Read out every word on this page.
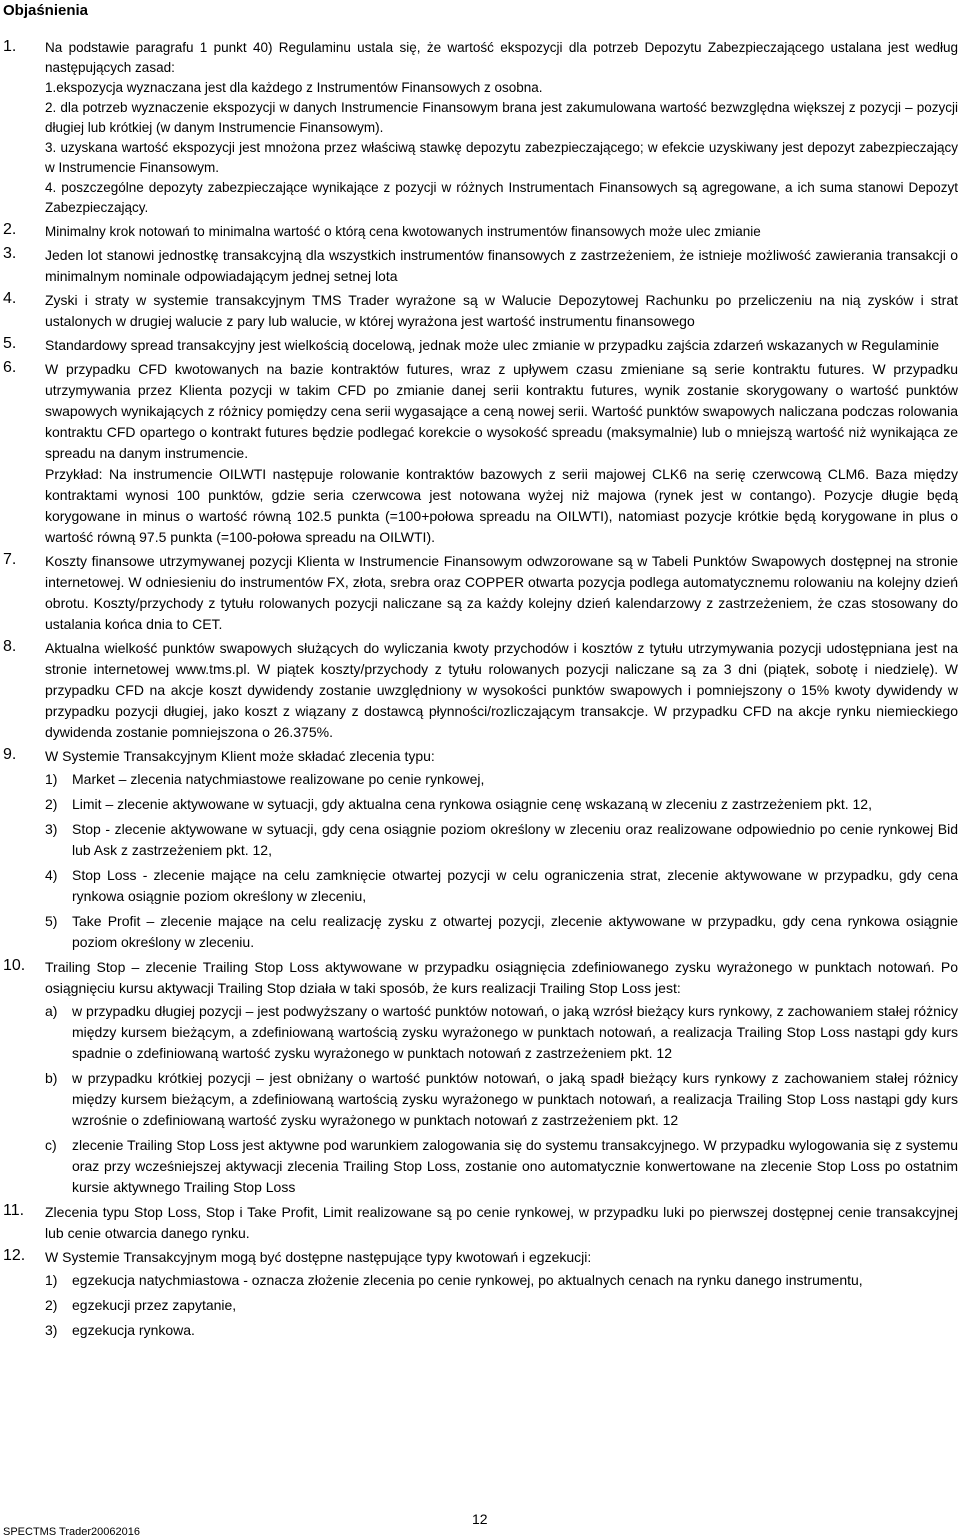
Objaśnienia
1. Na podstawie paragrafu 1 punkt 40) Regulaminu ustala się, że wartość ekspozycji dla potrzeb Depozytu Zabezpieczającego ustalana jest według następujących zasad:

1.ekspozycja wyznaczana jest dla każdego z Instrumentów Finansowych z osobna.

2. dla potrzeb wyznaczenie ekspozycji w danych Instrumencie Finansowym brana jest zakumulowana wartość bezwzględna większej z pozycji – pozycji długiej lub krótkiej (w danym Instrumencie Finansowym).

3. uzyskana wartość ekspozycji jest mnożona przez właściwą stawkę depozytu zabezpieczającego; w efekcie uzyskiwany jest depozyt zabezpieczający w Instrumencie Finansowym.

4. poszczególne depozyty zabezpieczające wynikające z pozycji w różnych Instrumentach Finansowych są agregowane, a ich suma stanowi Depozyt Zabezpieczający.

2. Minimalny krok notowań to minimalna wartość o którą cena kwotowanych instrumentów finansowych może ulec zmianie

3. Jeden lot stanowi jednostkę transakcyjną dla wszystkich instrumentów finansowych z zastrzeżeniem, że istnieje możliwość zawierania transakcji o minimalnym nominale odpowiadającym jednej setnej lota

4. Zyski i straty w systemie transakcyjnym TMS Trader wyrażone są w Walucie Depozytowej Rachunku po przeliczeniu na nią zysków i strat ustalonych w drugiej walucie z pary lub walucie, w której wyrażona jest wartość instrumentu finansowego

5. Standardowy spread transakcyjny jest wielkością docelową, jednak może ulec zmianie w przypadku zajścia zdarzeń wskazanych w Regulaminie

6. W przypadku CFD kwotowanych na bazie kontraktów futures, wraz z upływem czasu zmieniane są serie kontraktu futures. W przypadku utrzymywania przez Klienta pozycji w takim CFD po zmianie danej serii kontraktu futures, wynik zostanie skorygowany o wartość punktów swapowych wynikających z różnicy pomiędzy cena serii wygasające a ceną nowej serii. Wartość punktów swapowych naliczana podczas rolowania kontraktu CFD opartego o kontrakt futures będzie podlegać korekcie o wysokość spreadu (maksymalnie) lub o mniejszą wartość niż wynikająca ze spreadu na danym instrumencie.

Przykład: Na instrumencie OILWTI następuje rolowanie kontraktów bazowych z serii majowej CLK6 na serię czerwcową CLM6. Baza między kontraktami wynosi 100 punktów, gdzie seria czerwcowa jest notowana wyżej niż majowa (rynek jest w contango). Pozycje długie będą korygowane in minus o wartość równą 102.5 punkta (=100+połowa spreadu na OILWTI), natomiast pozycje krótkie będą korygowane in plus o wartość równą 97.5 punkta (=100-połowa spreadu na OILWTI).

7. Koszty finansowe utrzymywanej pozycji Klienta w Instrumencie Finansowym odwzorowane są w Tabeli Punktów Swapowych dostępnej na stronie internetowej. W odniesieniu do instrumentów FX, złota, srebra oraz COPPER otwarta pozycja podlega automatycznemu rolowaniu na kolejny dzień obrotu. Koszty/przychody z tytułu rolowanych pozycji naliczane są za każdy kolejny dzień kalendarzowy z zastrzeżeniem, że czas stosowany do ustalania końca dnia to CET.

8. Aktualna wielkość punktów swapowych służących do wyliczania kwoty przychodów i kosztów z tytułu utrzymywania pozycji udostępniana jest na stronie internetowej www.tms.pl. W piątek koszty/przychody z tytułu rolowanych pozycji naliczane są za 3 dni (piątek, sobotę i niedzielę). W przypadku CFD na akcje koszt dywidendy zostanie uwzględniony w wysokości punktów swapowych i pomniejszony o 15% kwoty dywidendy w przypadku pozycji długiej, jako koszt z wiązany z dostawcą płynności/rozliczającym transakcje. W przypadku CFD na akcje rynku niemieckiego dywidenda zostanie pomniejszona o 26.375%.

9. W Systemie Transakcyjnym Klient może składać zlecenia typu:

1) Market – zlecenia natychmiastowe realizowane po cenie rynkowej,
2) Limit – zlecenie aktywowane w sytuacji, gdy aktualna cena rynkowa osiągnie cenę wskazaną w zleceniu z zastrzeżeniem pkt. 12,
3) Stop - zlecenie aktywowane w sytuacji, gdy cena osiągnie poziom określony w zleceniu oraz realizowane odpowiednio po cenie rynkowej Bid lub Ask z zastrzeżeniem pkt. 12,
4) Stop Loss - zlecenie mające na celu zamknięcie otwartej pozycji w celu ograniczenia strat, zlecenie aktywowane w przypadku, gdy cena rynkowa osiągnie poziom określony w zleceniu,
5) Take Profit – zlecenie mające na celu realizację zysku z otwartej pozycji, zlecenie aktywowane w przypadku, gdy cena rynkowa osiągnie poziom określony w zleceniu.
10. Trailing Stop – zlecenie Trailing Stop Loss aktywowane w przypadku osiągnięcia zdefiniowanego zysku wyrażonego w punktach notowań. Po osiągnięciu kursu aktywacji Trailing Stop działa w taki sposób, że kurs realizacji Trailing Stop Loss jest:

a) w przypadku długiej pozycji – jest podwyższany o wartość punktów notowań, o jaką wzrósł bieżący kurs rynkowy, z zachowaniem stałej różnicy między kursem bieżącym, a zdefiniowaną wartością zysku wyrażonego w punktach notowań, a realizacja Trailing Stop Loss nastąpi gdy kurs spadnie o zdefiniowaną wartość zysku wyrażonego w punktach notowań z zastrzeżeniem pkt. 12
b) w przypadku krótkiej pozycji – jest obniżany o wartość punktów notowań, o jaką spadł bieżący kurs rynkowy z zachowaniem stałej różnicy między kursem bieżącym, a zdefiniowaną wartością zysku wyrażonego w punktach notowań, a realizacja Trailing Stop Loss nastąpi gdy kurs wzrośnie o zdefiniowaną wartość zysku wyrażonego w punktach notowań z zastrzeżeniem pkt. 12
c) zlecenie Trailing Stop Loss jest aktywne pod warunkiem zalogowania się do systemu transakcyjnego. W przypadku wylogowania się z systemu oraz przy wcześniejszej aktywacji zlecenia Trailing Stop Loss, zostanie ono automatycznie konwertowane na zlecenie Stop Loss po ostatnim kursie aktywnego Trailing Stop Loss
11. Zlecenia typu Stop Loss, Stop i Take Profit, Limit realizowane są po cenie rynkowej, w przypadku luki po pierwszej dostępnej cenie transakcyjnej lub cenie otwarcia danego rynku.

12. W Systemie Transakcyjnym mogą być dostępne następujące typy kwotowań i egzekucji:

1) egzekucja natychmiastowa - oznacza złożenie zlecenia po cenie rynkowej, po aktualnych cenach na rynku danego instrumentu,
2) egzekucji przez zapytanie,
3) egzekucja rynkowa.
12
SPECTMS Trader20062016
